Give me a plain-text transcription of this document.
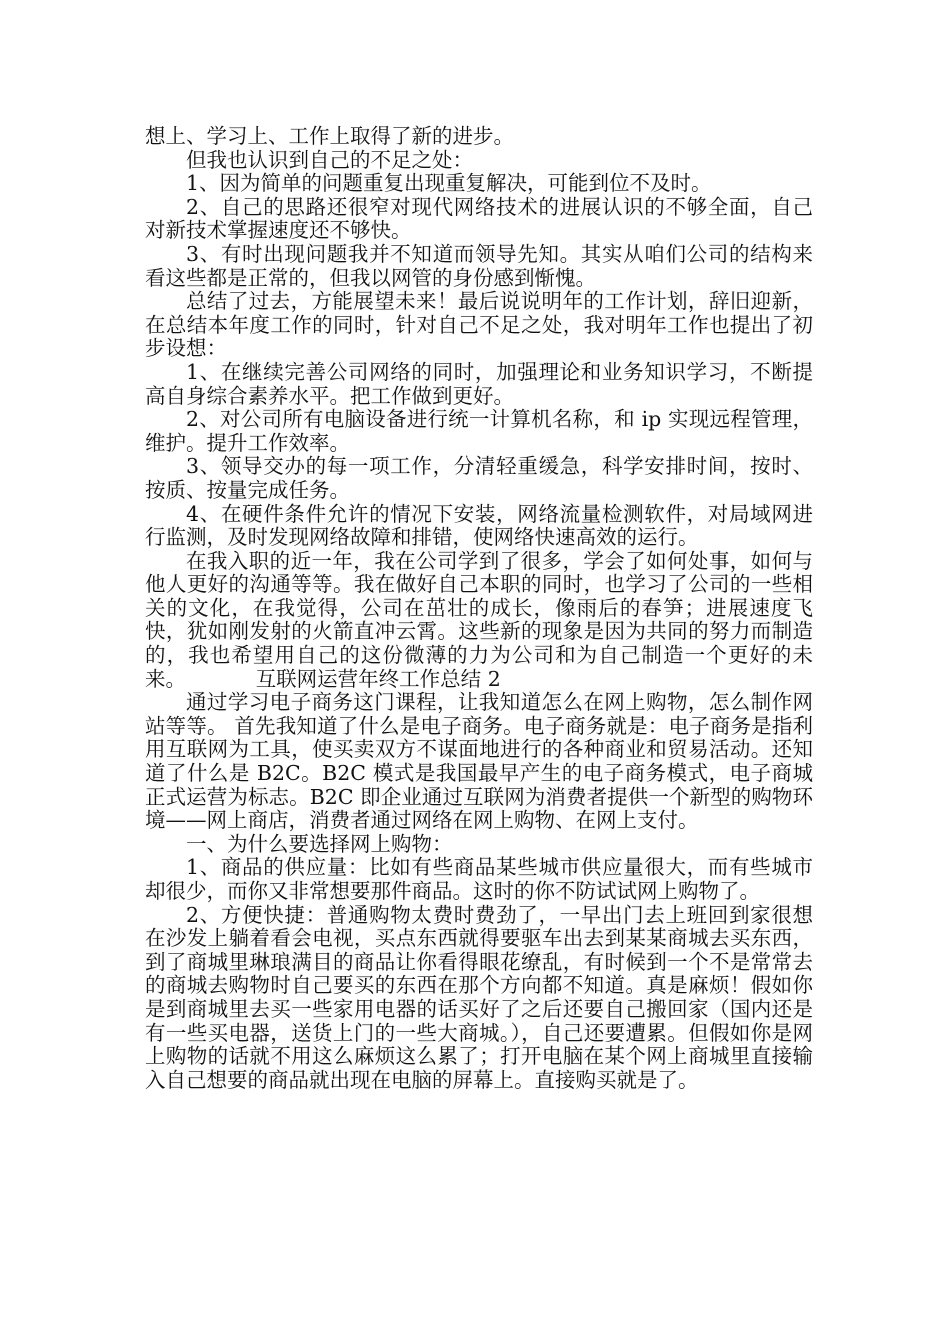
想上、学习上、工作上取得了新的进步。

但我也认识到自己的不足之处：

1、因为简单的问题重复出现重复解决，可能到位不及时。

2、自己的思路还很窄对现代网络技术的进展认识的不够全面，自己对新技术掌握速度还不够快。

3、有时出现问题我并不知道而领导先知。其实从咱们公司的结构来看这些都是正常的，但我以网管的身份感到惭愧。

总结了过去，方能展望未来！最后说说明年的工作计划，辞旧迎新，在总结本年度工作的同时，针对自己不足之处，我对明年工作也提出了初步设想：

1、在继续完善公司网络的同时，加强理论和业务知识学习，不断提高自身综合素养水平。把工作做到更好。

2、对公司所有电脑设备进行统一计算机名称，和 ip 实现远程管理，维护。提升工作效率。

3、领导交办的每一项工作，分清轻重缓急，科学安排时间，按时、按质、按量完成任务。

4、在硬件条件允许的情况下安装，网络流量检测软件，对局域网进行监测，及时发现网络故障和排错，使网络快速高效的运行。

在我入职的近一年，我在公司学到了很多，学会了如何处事，如何与他人更好的沟通等等。我在做好自己本职的同时，也学习了公司的一些相关的文化，在我觉得，公司在茁壮的成长，像雨后的春笋；进展速度飞快，犹如刚发射的火箭直冲云霄。这些新的现象是因为共同的努力而制造的，我也希望用自己的这份微薄的力为公司和为自己制造一个更好的未来。	互联网运营年终工作总结 2

通过学习电子商务这门课程，让我知道怎么在网上购物，怎么制作网站等等。 首先我知道了什么是电子商务。电子商务就是：电子商务是指利用互联网为工具，使买卖双方不谋面地进行的各种商业和贸易活动。还知道了什么是 B2C。B2C 模式是我国最早产生的电子商务模式，电子商城正式运营为标志。B2C 即企业通过互联网为消费者提供一个新型的购物环境——网上商店，消费者通过网络在网上购物、在网上支付。

一、为什么要选择网上购物：

1、商品的供应量：比如有些商品某些城市供应量很大，而有些城市却很少，而你又非常想要那件商品。这时的你不防试试网上购物了。

2、方便快捷：普通购物太费时费劲了，一早出门去上班回到家很想在沙发上躺着看会电视，买点东西就得要驱车出去到某某商城去买东西，到了商城里琳琅满目的商品让你看得眼花缭乱，有时候到一个不是常常去的商城去购物时自己要买的东西在那个方向都不知道。真是麻烦！假如你是到商城里去买一些家用电器的话买好了之后还要自己搬回家（国内还是有一些买电器，送货上门的一些大商城。），自己还要遭累。但假如你是网上购物的话就不用这么麻烦这么累了；打开电脑在某个网上商城里直接输入自己想要的商品就出现在电脑的屏幕上。直接购买就是了。
